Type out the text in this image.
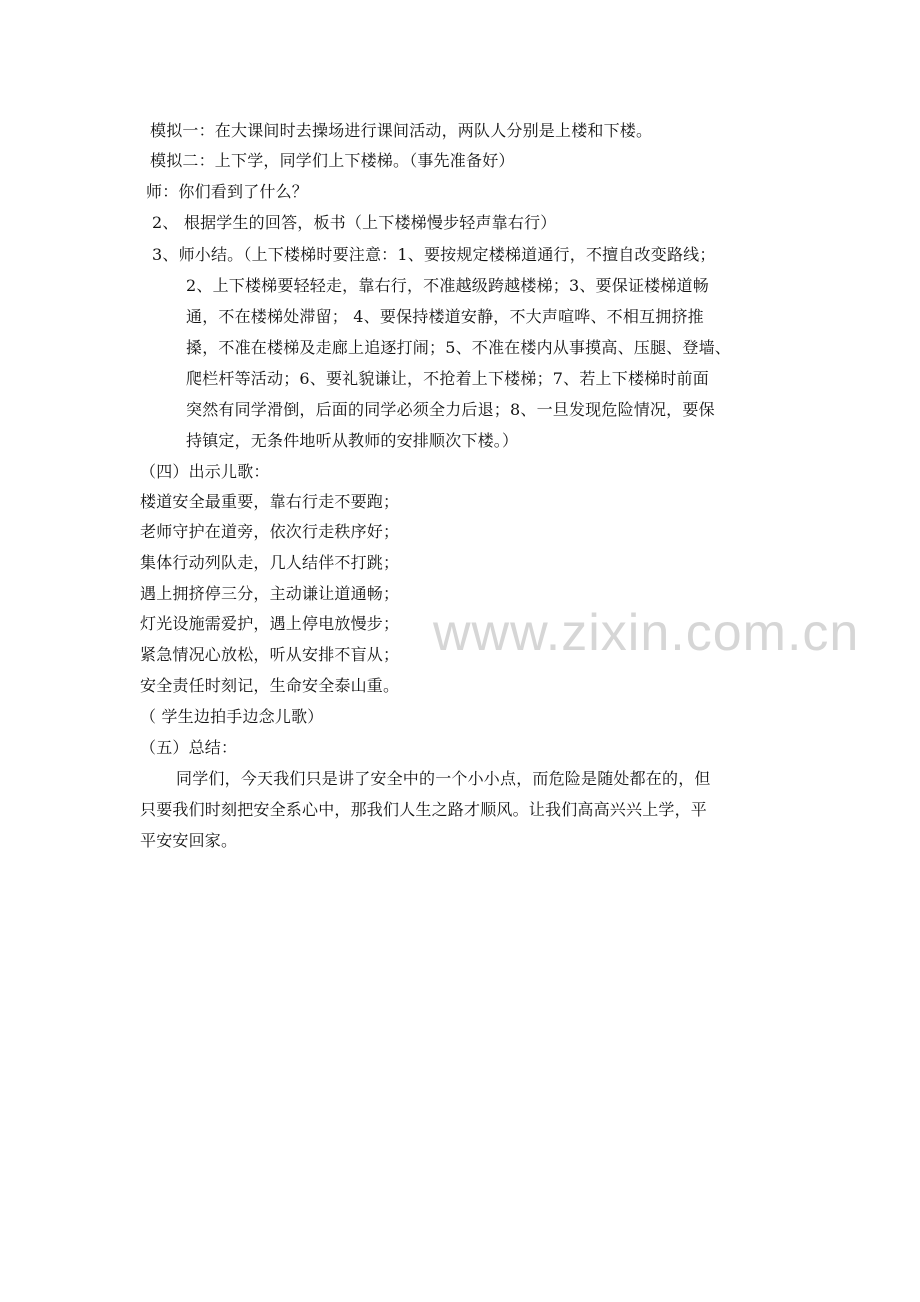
www.zixin.com.cn
模拟一：在大课间时去操场进行课间活动，两队人分别是上楼和下楼。
模拟二：上下学，同学们上下楼梯。（事先准备好）
师：你们看到了什么？
2、 根据学生的回答，板书（上下楼梯慢步轻声靠右行）
3、师小结。（上下楼梯时要注意：1、要按规定楼梯道通行，不擅自改变路线；
2、上下楼梯要轻轻走，靠右行，不准越级跨越楼梯；3、要保证楼梯道畅
通，不在楼梯处滞留； 4、要保持楼道安静，不大声喧哗、不相互拥挤推
搡，不准在楼梯及走廊上追逐打闹；5、不准在楼内从事摸高、压腿、登墙、
爬栏杆等活动；6、要礼貌谦让，不抢着上下楼梯；7、若上下楼梯时前面
突然有同学滑倒，后面的同学必须全力后退；8、一旦发现危险情况，要保
持镇定，无条件地听从教师的安排顺次下楼。）
（四）出示儿歌：
楼道安全最重要，靠右行走不要跑；
老师守护在道旁，依次行走秩序好；
集体行动列队走，几人结伴不打跳；
遇上拥挤停三分，主动谦让道通畅；
灯光设施需爱护，遇上停电放慢步；
紧急情况心放松，听从安排不盲从；
安全责任时刻记，生命安全泰山重。
（ 学生边拍手边念儿歌）
（五）总结：
同学们，今天我们只是讲了安全中的一个小小点，而危险是随处都在的，但
只要我们时刻把安全系心中，那我们人生之路才顺风。让我们高高兴兴上学，平
平安安回家。
